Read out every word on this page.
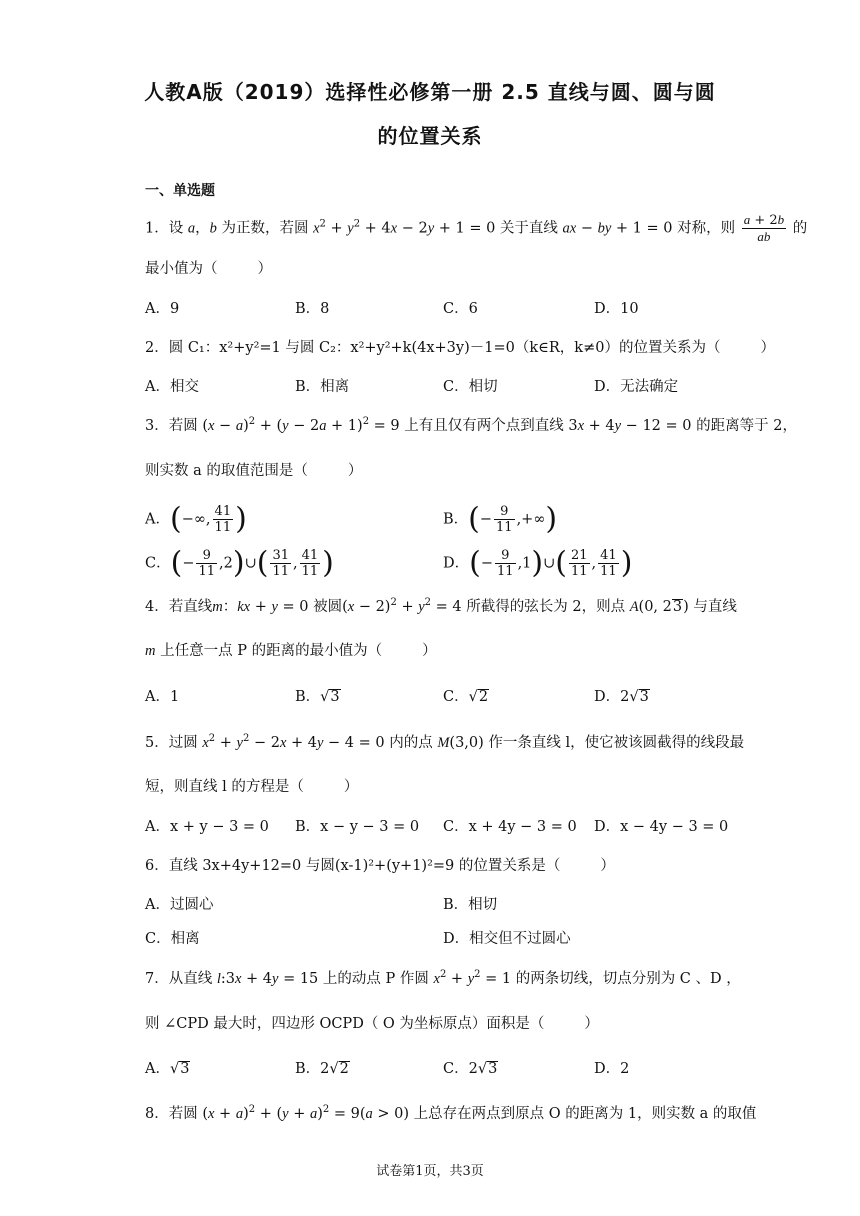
人教A版（2019）选择性必修第一册 2.5 直线与圆、圆与圆
的位置关系
一、单选题
1．设 a，b 为正数，若圆 $x^2 + y^2 + 4x - 2y + 1 = 0$ 关于直线 ax − by + 1 = 0 对称，则 $\frac{a + 2b}{ab}$ 的
最小值为（	）
A．9	B．8	C．6	D．10
2．圆 C₁：x²+y²=1 与圆 C₂：x²+y²+k(4x+3y)－1=0（k∈R，k≠0）的位置关系为（	）
A．相交	B．相离	C．相切	D．无法确定
3．若圆 $(x - a)^2 + (y - 2a + 1)^2 = 9$ 上有且仅有两个点到直线 3x + 4y − 12 = 0 的距离等于 2，
则实数 a 的取值范围是（	）
A．(−∞, $\frac{41}{11}$ )	B．(− $\frac{9}{11}$ ,+∞)
C．(− $\frac{9}{11}$ ,2)∪( $\frac{31}{11}$ , $\frac{41}{11}$ )	D．(− $\frac{9}{11}$ ,1)∪( $\frac{21}{11}$ , $\frac{41}{11}$ )
4．若直线m：kx + y = 0 被圆$(x - 2)^2 + y^2 = 4$ 所截得的弦长为 2，则点 A(0, 23) 与直线
m 上任意一点 P 的距离的最小值为（	）
A．1	B．√3	C．√2	D．2√3
5．过圆 $x^2 + y^2 - 2x + 4y - 4 = 0$ 内的点 M(3,0) 作一条直线 l，使它被该圆截得的线段最
短，则直线 l 的方程是（	）
A．x + y − 3 = 0 B．x − y − 3 = 0 C．x + 4y − 3 = 0 D．x − 4y − 3 = 0
6．直线 3x+4y+12=0 与圆(x-1)²+(y+1)²=9 的位置关系是（	）
A．过圆心	B．相切
C．相离	D．相交但不过圆心
7．从直线 l:3x + 4y = 15 上的动点 P 作圆 $x^2 + y^2 = 1$ 的两条切线，切点分别为 C 、D ，
则 ∠CPD 最大时，四边形 OCPD（ O 为坐标原点）面积是（	）
A．√3	B．2√2	C．2√3	D．2
8．若圆 $(x + a)^2 + (y + a)^2 = 9(a > 0)$ 上总存在两点到原点 O 的距离为 1，则实数 a 的取值
试卷第1页，共3页
